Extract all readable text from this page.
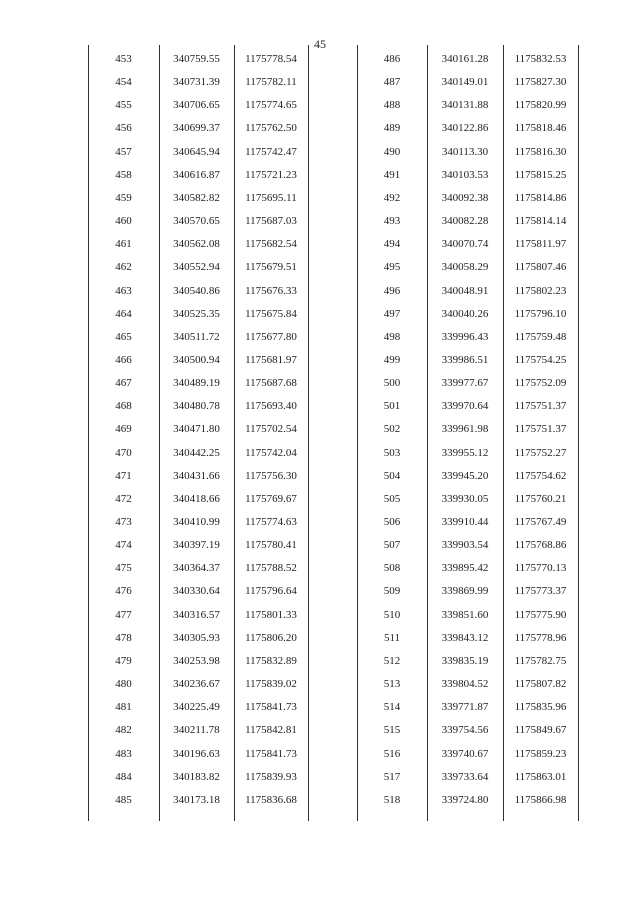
45
453	340759.55	1175778.54
454	340731.39	1175782.11
455	340706.65	1175774.65
456	340699.37	1175762.50
457	340645.94	1175742.47
458	340616.87	1175721.23
459	340582.82	1175695.11
460	340570.65	1175687.03
461	340562.08	1175682.54
462	340552.94	1175679.51
463	340540.86	1175676.33
464	340525.35	1175675.84
465	340511.72	1175677.80
466	340500.94	1175681.97
467	340489.19	1175687.68
468	340480.78	1175693.40
469	340471.80	1175702.54
470	340442.25	1175742.04
471	340431.66	1175756.30
472	340418.66	1175769.67
473	340410.99	1175774.63
474	340397.19	1175780.41
475	340364.37	1175788.52
476	340330.64	1175796.64
477	340316.57	1175801.33
478	340305.93	1175806.20
479	340253.98	1175832.89
480	340236.67	1175839.02
481	340225.49	1175841.73
482	340211.78	1175842.81
483	340196.63	1175841.73
484	340183.82	1175839.93
485	340173.18	1175836.68
486	340161.28	1175832.53
487	340149.01	1175827.30
488	340131.88	1175820.99
489	340122.86	1175818.46
490	340113.30	1175816.30
491	340103.53	1175815.25
492	340092.38	1175814.86
493	340082.28	1175814.14
494	340070.74	1175811.97
495	340058.29	1175807.46
496	340048.91	1175802.23
497	340040.26	1175796.10
498	339996.43	1175759.48
499	339986.51	1175754.25
500	339977.67	1175752.09
501	339970.64	1175751.37
502	339961.98	1175751.37
503	339955.12	1175752.27
504	339945.20	1175754.62
505	339930.05	1175760.21
506	339910.44	1175767.49
507	339903.54	1175768.86
508	339895.42	1175770.13
509	339869.99	1175773.37
510	339851.60	1175775.90
511	339843.12	1175778.96
512	339835.19	1175782.75
513	339804.52	1175807.82
514	339771.87	1175835.96
515	339754.56	1175849.67
516	339740.67	1175859.23
517	339733.64	1175863.01
518	339724.80	1175866.98
